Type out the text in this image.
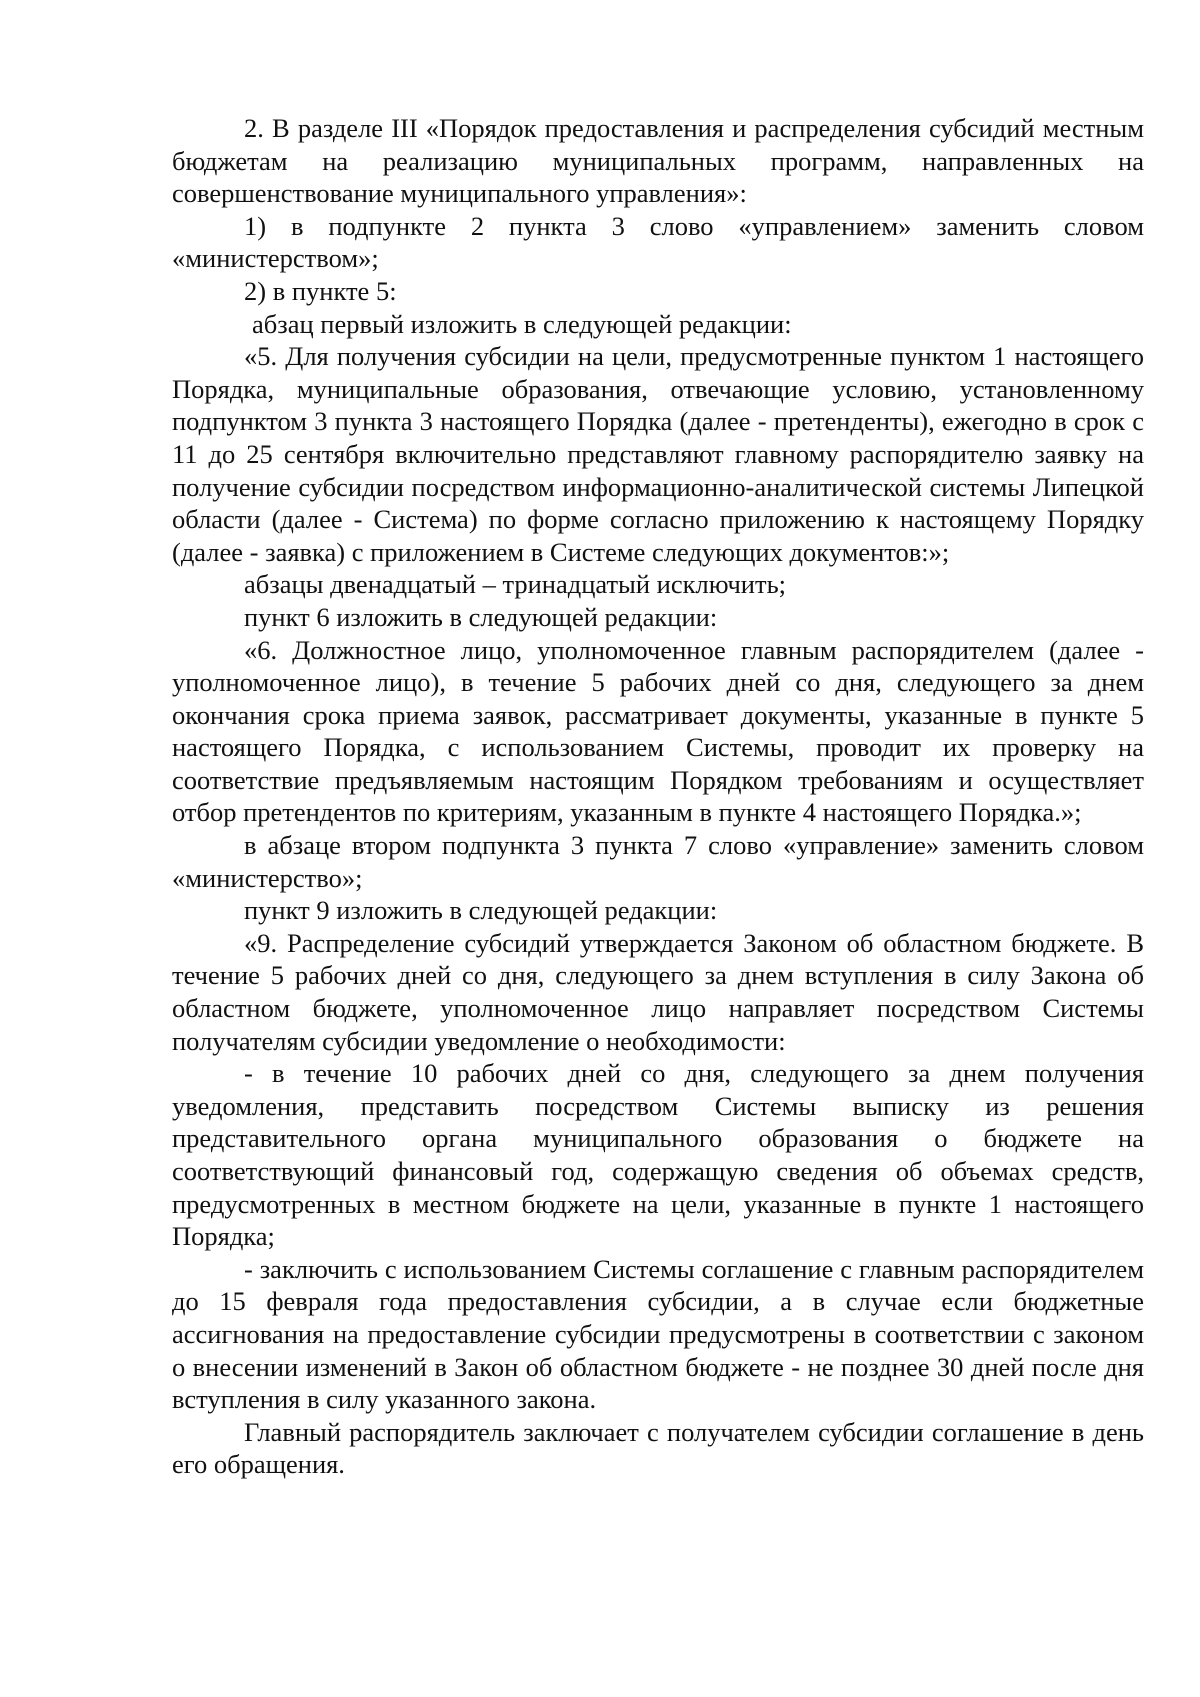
2. В разделе III «Порядок предоставления и распределения субсидий местным бюджетам на реализацию муниципальных программ, направленных на совершенствование муниципального управления»:

1) в подпункте 2 пункта 3 слово «управлением» заменить словом «министерством»;

2) в пункте 5:

абзац первый изложить в следующей редакции:

«5. Для получения субсидии на цели, предусмотренные пунктом 1 настоящего Порядка, муниципальные образования, отвечающие условию, установленному подпунктом 3 пункта 3 настоящего Порядка (далее - претенденты), ежегодно в срок с 11 до 25 сентября включительно представляют главному распорядителю заявку на получение субсидии посредством информационно-аналитической системы Липецкой области (далее - Система) по форме согласно приложению к настоящему Порядку (далее - заявка) с приложением в Системе следующих документов:»;

абзацы двенадцатый – тринадцатый исключить;

пункт 6 изложить в следующей редакции:

«6. Должностное лицо, уполномоченное главным распорядителем (далее - уполномоченное лицо), в течение 5 рабочих дней со дня, следующего за днем окончания срока приема заявок, рассматривает документы, указанные в пункте 5 настоящего Порядка, с использованием Системы, проводит их проверку на соответствие предъявляемым настоящим Порядком требованиям и осуществляет отбор претендентов по критериям, указанным в пункте 4 настоящего Порядка.»;

в абзаце втором подпункта 3 пункта 7 слово «управление» заменить словом «министерство»;

пункт 9 изложить в следующей редакции:

«9. Распределение субсидий утверждается Законом об областном бюджете. В течение 5 рабочих дней со дня, следующего за днем вступления в силу Закона об областном бюджете, уполномоченное лицо направляет посредством Системы получателям субсидии уведомление о необходимости:

- в течение 10 рабочих дней со дня, следующего за днем получения уведомления, представить посредством Системы выписку из решения представительного органа муниципального образования о бюджете на соответствующий финансовый год, содержащую сведения об объемах средств, предусмотренных в местном бюджете на цели, указанные в пункте 1 настоящего Порядка;

- заключить с использованием Системы соглашение с главным распорядителем до 15 февраля года предоставления субсидии, а в случае если бюджетные ассигнования на предоставление субсидии предусмотрены в соответствии с законом о внесении изменений в Закон об областном бюджете - не позднее 30 дней после дня вступления в силу указанного закона.

Главный распорядитель заключает с получателем субсидии соглашение в день его обращения.
